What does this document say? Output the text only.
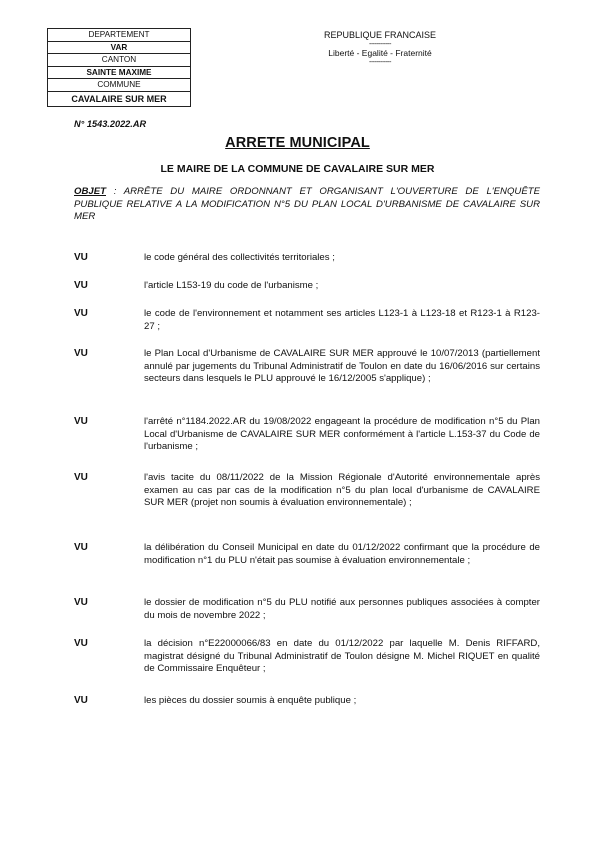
DEPARTEMENT
VAR
CANTON
SAINTE MAXIME
COMMUNE
CAVALAIRE SUR MER
REPUBLIQUE FRANCAISE
------------
Liberté - Egalité - Fraternité
------------
N° 1543.2022.AR
ARRETE MUNICIPAL
LE MAIRE DE LA COMMUNE DE CAVALAIRE SUR MER
OBJET : ARRÊTE DU MAIRE ORDONNANT ET ORGANISANT L'OUVERTURE DE L'ENQUÊTE PUBLIQUE RELATIVE A LA MODIFICATION N°5 DU PLAN LOCAL D'URBANISME DE CAVALAIRE SUR MER
VU	le code général des collectivités territoriales ;
VU	l'article L153-19 du code de l'urbanisme ;
VU	le code de l'environnement et notamment ses articles L123-1 à L123-18 et R123-1 à R123-27 ;
VU	le Plan Local d'Urbanisme de CAVALAIRE SUR MER approuvé le 10/07/2013 (partiellement annulé par jugements du Tribunal Administratif de Toulon en date du 16/06/2016 sur certains secteurs dans lesquels le PLU approuvé le 16/12/2005 s'applique) ;
VU	l'arrêté n°1184.2022.AR du 19/08/2022 engageant la procédure de modification n°5 du Plan Local d'Urbanisme de CAVALAIRE SUR MER conformément à l'article L.153-37 du Code de l'urbanisme ;
VU	l'avis tacite du 08/11/2022 de la Mission Régionale d'Autorité environnementale après examen au cas par cas de la modification n°5 du plan local d'urbanisme de CAVALAIRE SUR MER (projet non soumis à évaluation environnementale) ;
VU	la délibération du Conseil Municipal en date du 01/12/2022 confirmant que la procédure de modification n°1 du PLU n'était pas soumise à évaluation environnementale ;
VU	le dossier de modification n°5 du PLU notifié aux personnes publiques associées à compter du mois de novembre 2022 ;
VU	la décision n°E22000066/83 en date du 01/12/2022 par laquelle M. Denis RIFFARD, magistrat désigné du Tribunal Administratif de Toulon désigne M. Michel RIQUET en qualité de Commissaire Enquêteur ;
VU	les pièces du dossier soumis à enquête publique ;
